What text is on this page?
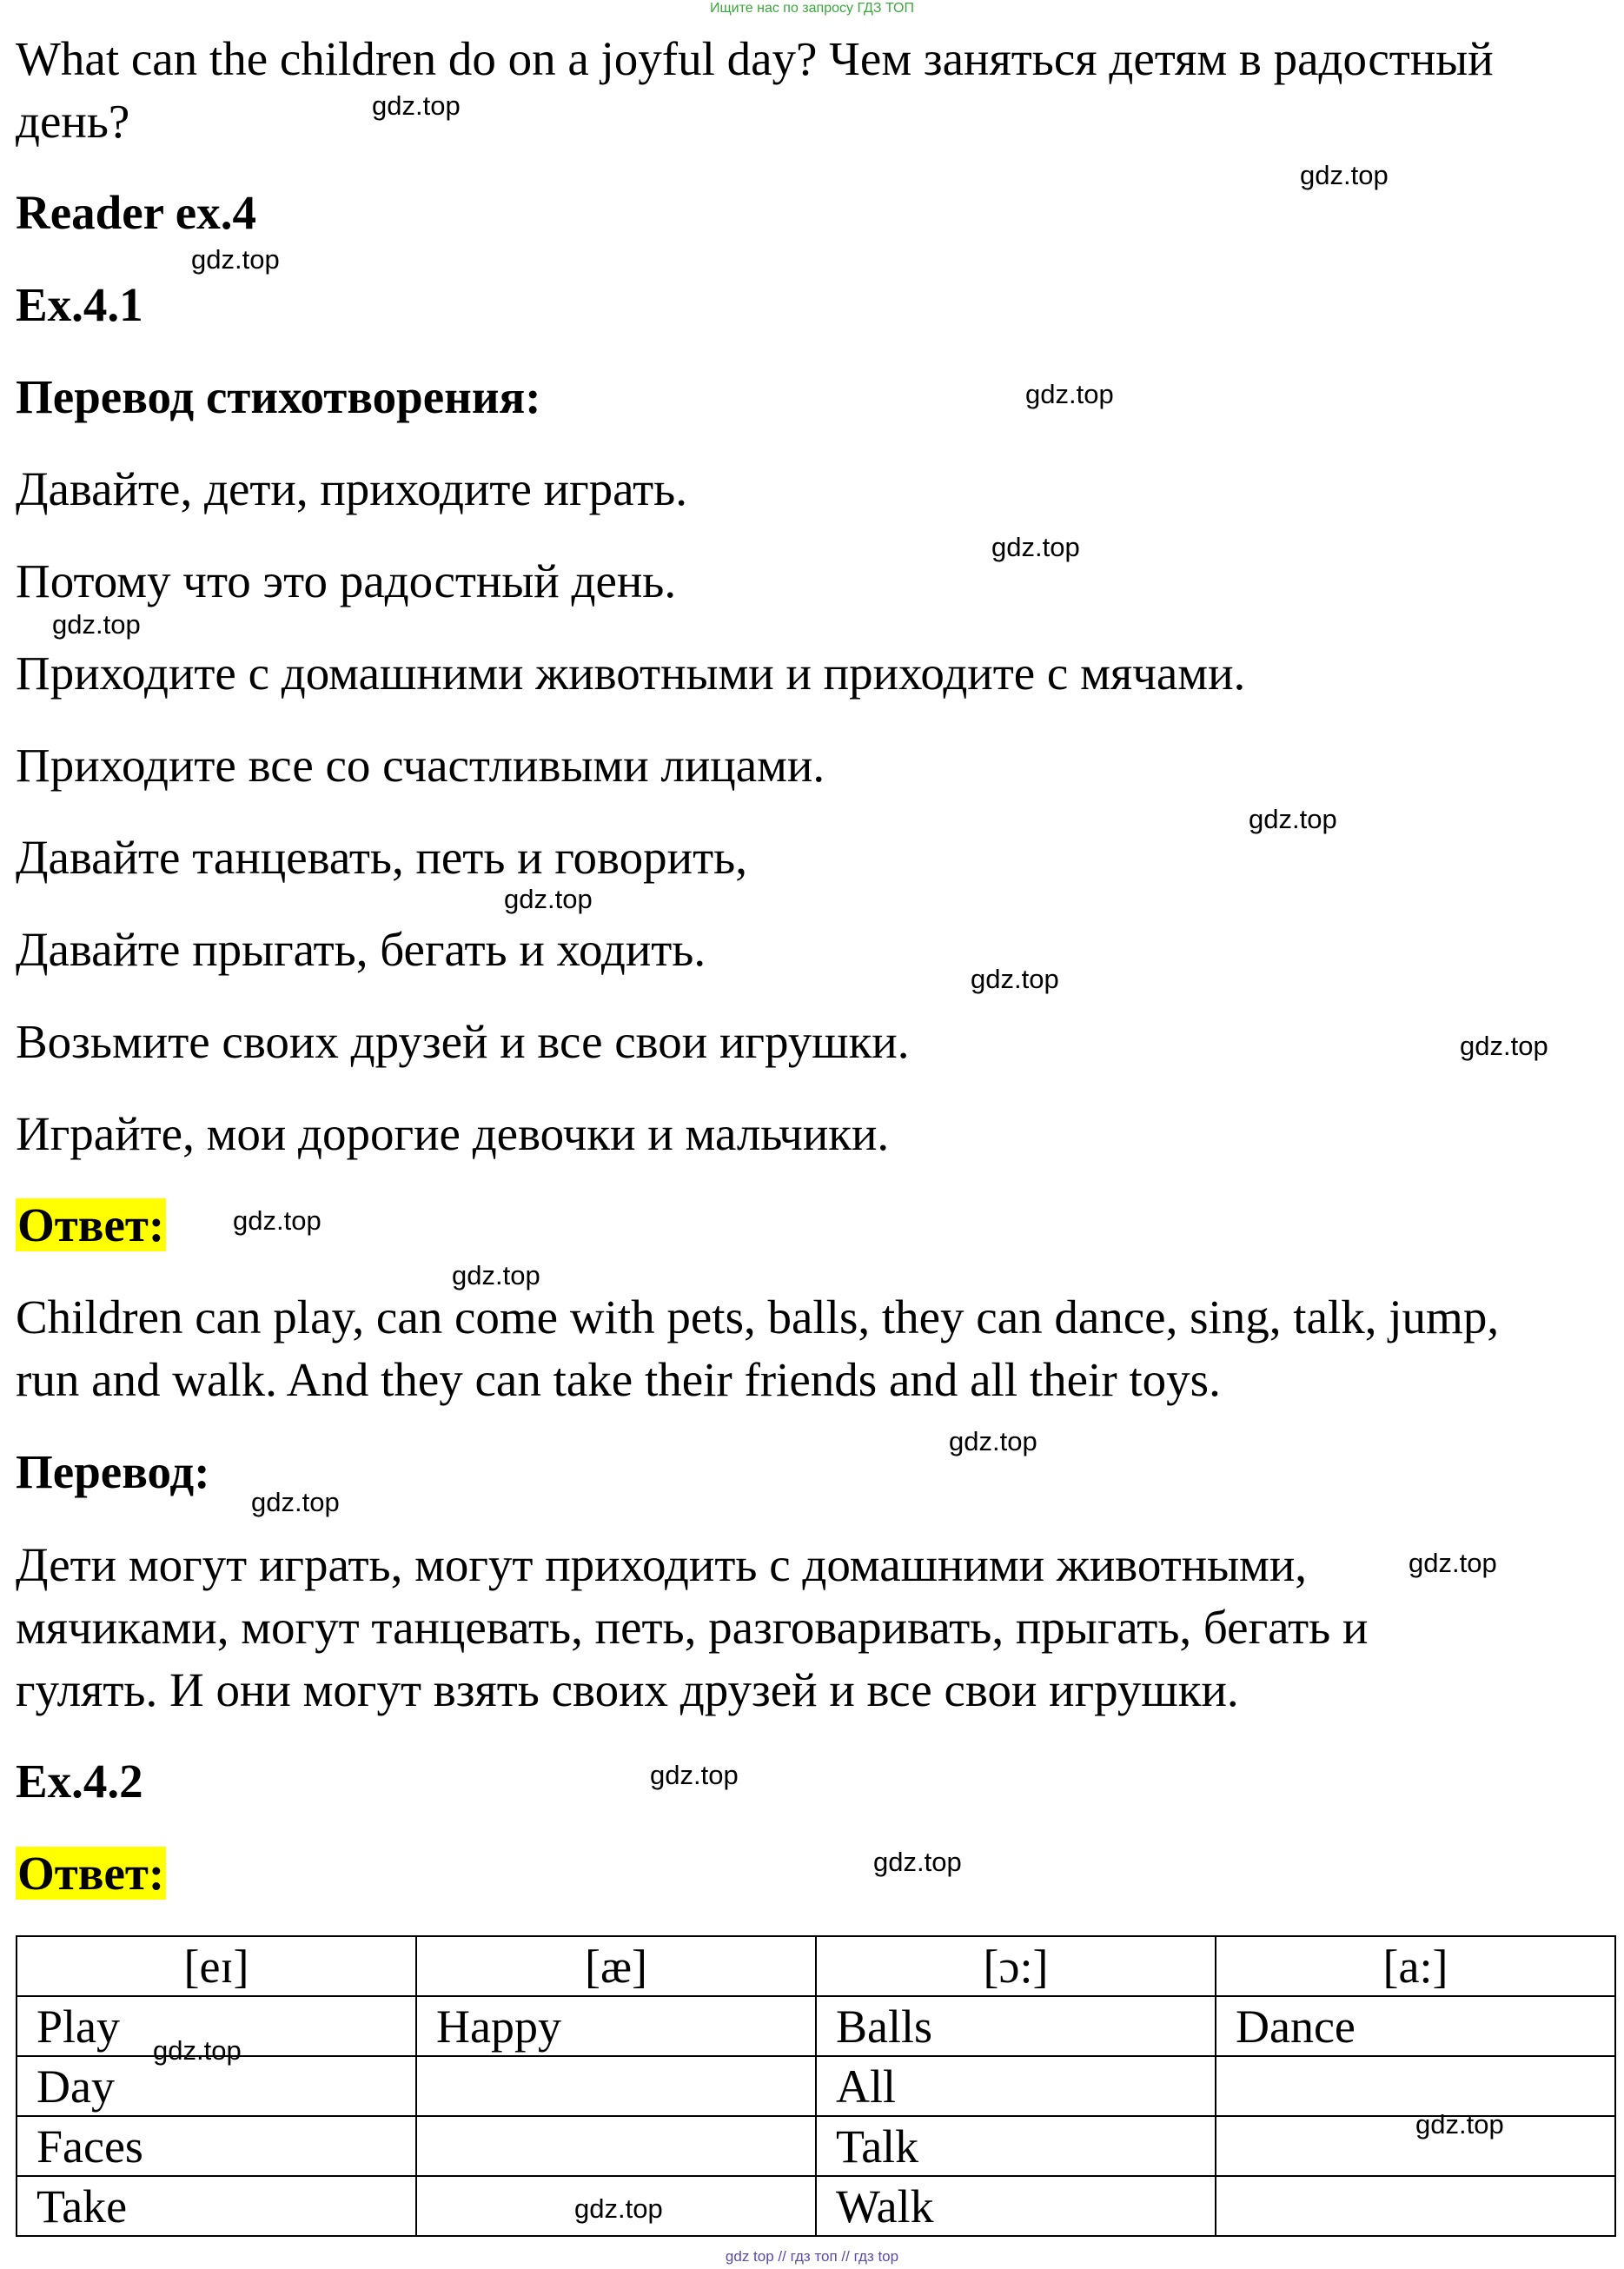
Ищите нас по запросу ГДЗ ТОП
What can the children do on a joyful day? Чем заняться детям в радостный
день?
Reader ex.4
Ex.4.1
Перевод стихотворения:
Давайте, дети, приходите играть.
Потому что это радостный день.
Приходите с домашними животными и приходите с мячами.
Приходите все со счастливыми лицами.
Давайте танцевать, петь и говорить,
Давайте прыгать, бегать и ходить.
Возьмите своих друзей и все свои игрушки.
Играйте, мои дорогие девочки и мальчики.
Ответ:
Children can play, can come with pets, balls, they can dance, sing, talk, jump,
run and walk. And they can take their friends and all their toys.
Перевод:
Дети могут играть, могут приходить с домашними животными,
мячиками, могут танцевать, петь, разговаривать, прыгать, бегать и
гулять. И они могут взять своих друзей и все свои игрушки.
Ex.4.2
Ответ:
[eɪ]	[æ]	[ɔ:]	[a:]
Play	Happy	Balls	Dance
Day		All	
Faces		Talk	
Take		Walk	
gdz.top
gdz.top
gdz.top
gdz.top
gdz.top
gdz.top
gdz.top
gdz.top
gdz.top
gdz.top
gdz.top
gdz.top
gdz.top
gdz.top
gdz.top
gdz.top
gdz.top
gdz.top
gdz.top
gdz.top
gdz top // гдз топ // гдз top
